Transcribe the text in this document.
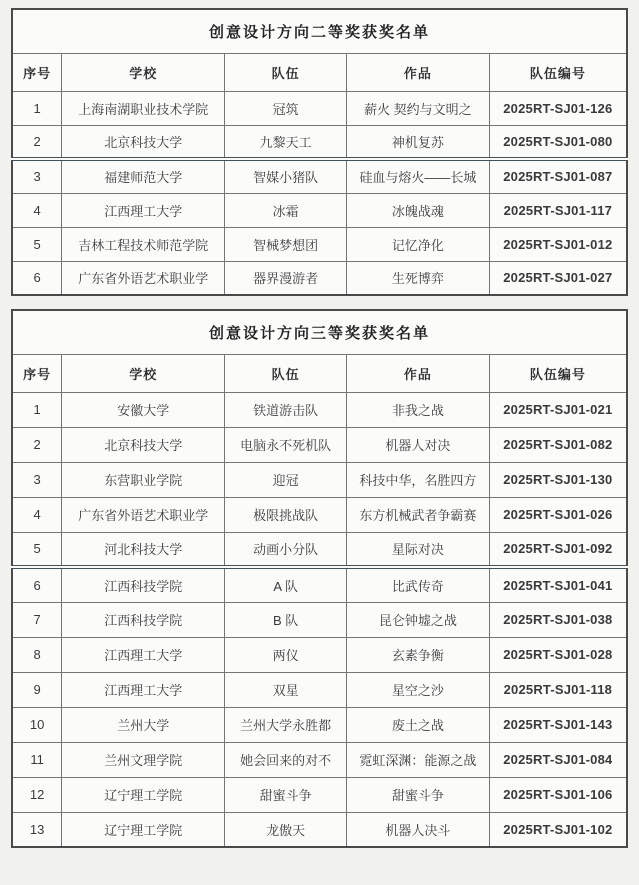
创意设计方向二等奖获奖名单				
序号	学校	队伍	作品	队伍编号
1	上海南湖职业技术学院	冠筑	薪火 契约与文明之	2025RT-SJ01-126
2	北京科技大学	九黎天工	神机复苏	2025RT-SJ01-080
3	福建师范大学	智媒小猪队	硅血与熔火——长城	2025RT-SJ01-087
4	江西理工大学	冰霜	冰魄战魂	2025RT-SJ01-117
5	吉林工程技术师范学院	智械梦想团	记忆净化	2025RT-SJ01-012
6	广东省外语艺术职业学	器界漫游者	生死博弈	2025RT-SJ01-027
创意设计方向三等奖获奖名单				
序号	学校	队伍	作品	队伍编号
1	安徽大学	铁道游击队	非我之战	2025RT-SJ01-021
2	北京科技大学	电脑永不死机队	机器人对决	2025RT-SJ01-082
3	东营职业学院	迎冠	科技中华，名胜四方	2025RT-SJ01-130
4	广东省外语艺术职业学	极限挑战队	东方机械武者争霸赛	2025RT-SJ01-026
5	河北科技大学	动画小分队	星际对决	2025RT-SJ01-092
6	江西科技学院	A 队	比武传奇	2025RT-SJ01-041
7	江西科技学院	B 队	昆仑钟墟之战	2025RT-SJ01-038
8	江西理工大学	两仪	玄素争衡	2025RT-SJ01-028
9	江西理工大学	双星	星空之沙	2025RT-SJ01-118
10	兰州大学	兰州大学永胜都	废土之战	2025RT-SJ01-143
11	兰州文理学院	她会回来的对不	霓虹深渊：能源之战	2025RT-SJ01-084
12	辽宁理工学院	甜蜜斗争	甜蜜斗争	2025RT-SJ01-106
13	辽宁理工学院	龙傲天	机器人决斗	2025RT-SJ01-102
